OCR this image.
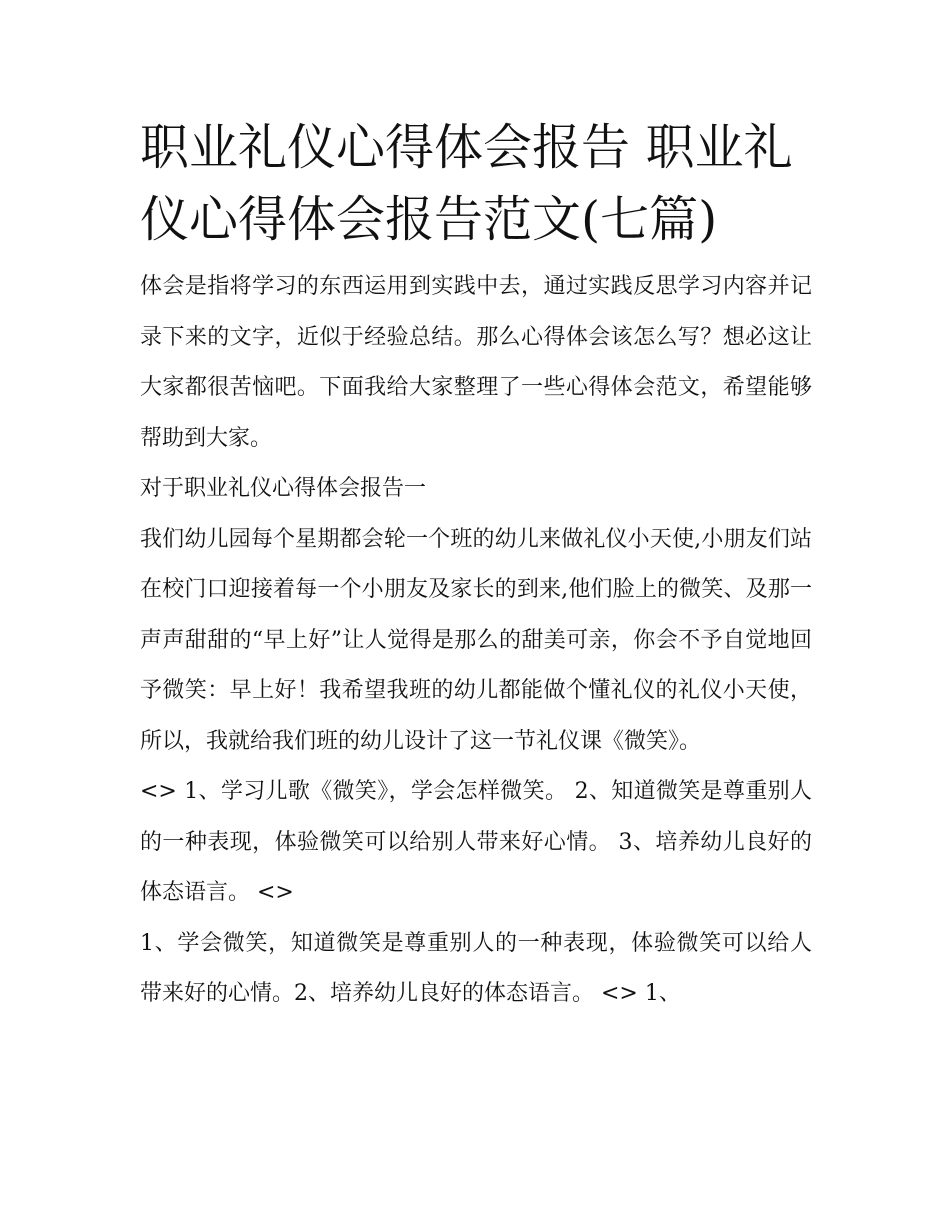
职业礼仪心得体会报告 职业礼仪心得体会报告范文(七篇)

体会是指将学习的东西运用到实践中去，通过实践反思学习内容并记录下来的文字，近似于经验总结。那么心得体会该怎么写？想必这让大家都很苦恼吧。下面我给大家整理了一些心得体会范文，希望能够帮助到大家。

对于职业礼仪心得体会报告一

我们幼儿园每个星期都会轮一个班的幼儿来做礼仪小天使,小朋友们站在校门口迎接着每一个小朋友及家长的到来,他们脸上的微笑、及那一声声甜甜的“早上好”让人觉得是那么的甜美可亲，你会不予自觉地回予微笑：早上好！我希望我班的幼儿都能做个懂礼仪的礼仪小天使，所以，我就给我们班的幼儿设计了这一节礼仪课《微笑》。

<> 1、学习儿歌《微笑》，学会怎样微笑。 2、知道微笑是尊重别人的一种表现，体验微笑可以给别人带来好心情。 3、培养幼儿良好的体态语言。 <>

1、学会微笑，知道微笑是尊重别人的一种表现，体验微笑可以给人带来好的心情。2、培养幼儿良好的体态语言。 <> 1、
